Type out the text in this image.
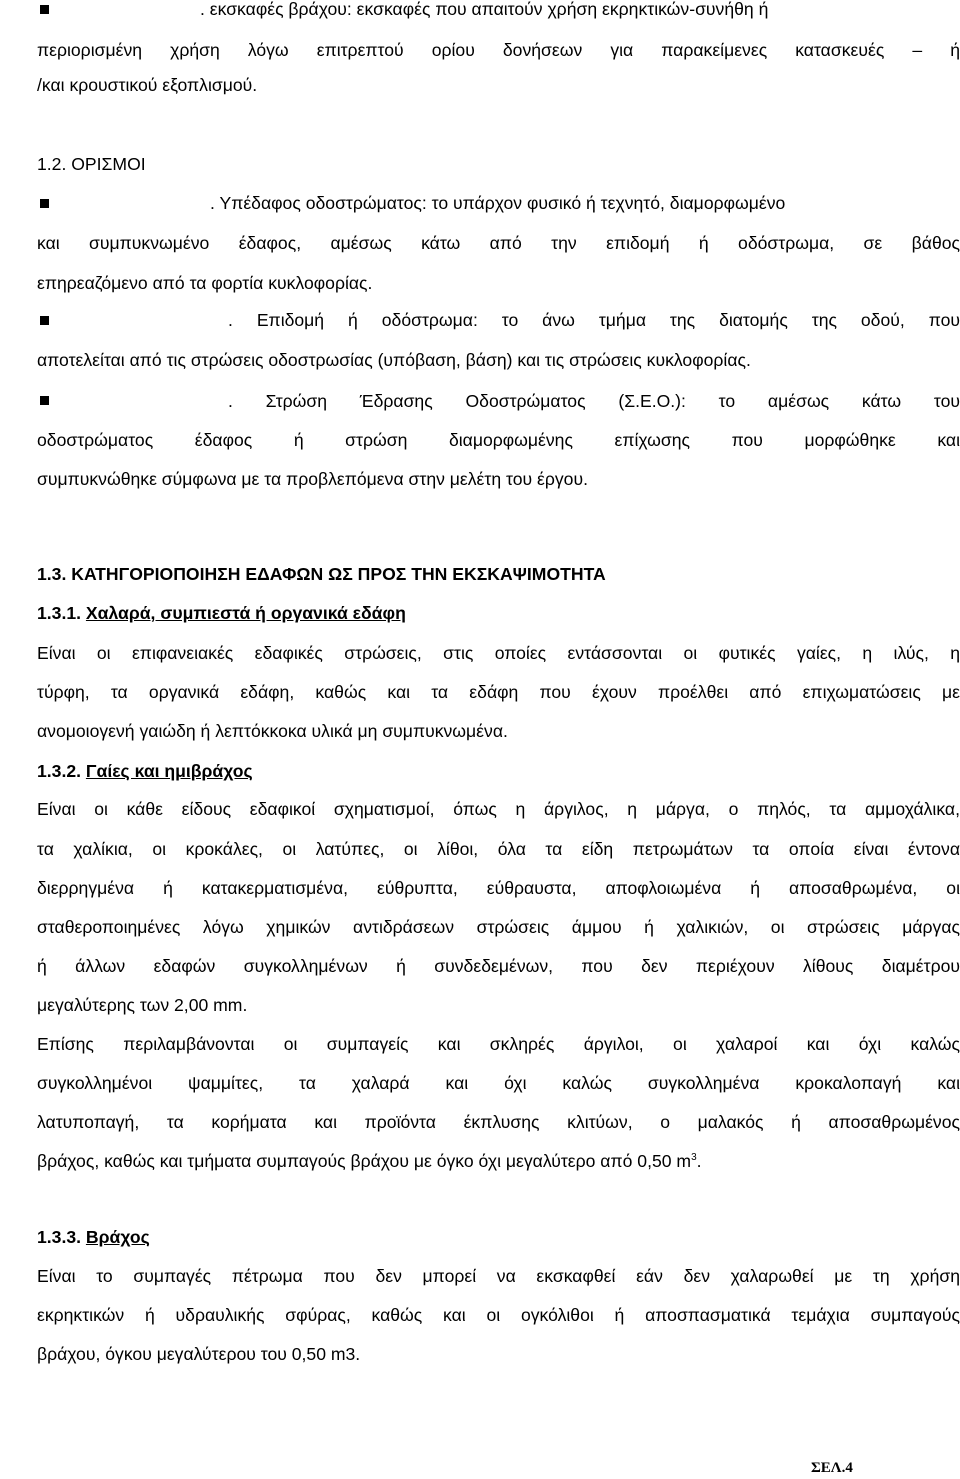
. εκσκαφές βράχου: εκσκαφές που απαιτούν χρήση εκρηκτικών-συνήθη ή
περιορισμένη χρήση λόγω επιτρεπτού ορίου δονήσεων για παρακείμενες κατασκευές – ή
/και κρουστικού εξοπλισμού.
1.2. ΟΡΙΣΜΟΙ
. Υπέδαφος οδοστρώματος: το υπάρχον φυσικό ή τεχνητό, διαμορφωμένο
και συμπυκνωμένο έδαφος, αμέσως κάτω από την επιδομή ή οδόστρωμα, σε βάθος
επηρεαζόμενο από τα φορτία κυκλοφορίας.
. Επιδομή ή οδόστρωμα: το άνω τμήμα της διατομής της οδού, που
αποτελείται από τις στρώσεις οδοστρωσίας (υπόβαση, βάση) και τις στρώσεις κυκλοφορίας.
. Στρώση Έδρασης Οδοστρώματος (Σ.Ε.Ο.): το αμέσως κάτω του
οδοστρώματος έδαφος ή στρώση διαμορφωμένης επίχωσης που μορφώθηκε και
συμπυκνώθηκε σύμφωνα με τα προβλεπόμενα στην μελέτη του έργου.
1.3. ΚΑΤΗΓΟΡΙΟΠΟΙΗΣΗ ΕΔΑΦΩΝ ΩΣ ΠΡΟΣ ΤΗΝ ΕΚΣΚΑΨΙΜΟΤΗΤΑ
1.3.1. Χαλαρά, συμπιεστά ή οργανικά εδάφη
Είναι οι επιφανειακές εδαφικές στρώσεις, στις οποίες εντάσσονται οι φυτικές γαίες, η ιλύς, η
τύρφη, τα οργανικά εδάφη, καθώς και τα εδάφη που έχουν προέλθει από επιχωματώσεις με
ανομοιογενή γαιώδη ή λεπτόκκοκα υλικά μη συμπυκνωμένα.
1.3.2. Γαίες και ημιβράχος
Είναι οι κάθε είδους εδαφικοί σχηματισμοί, όπως η άργιλος, η μάργα, ο πηλός, τα αμμοχάλικα,
τα χαλίκια, οι κροκάλες, οι λατύπες, οι λίθοι, όλα τα είδη πετρωμάτων τα οποία είναι έντονα
διερρηγμένα ή κατακερματισμένα, εύθρυπτα, εύθραυστα, αποφλοιωμένα ή αποσαθρωμένα, οι
σταθεροποιημένες λόγω χημικών αντιδράσεων στρώσεις άμμου ή χαλικιών, οι στρώσεις μάργας
ή άλλων εδαφών συγκολλημένων ή συνδεδεμένων, που δεν περιέχουν λίθους διαμέτρου
μεγαλύτερης των 2,00 mm.
Επίσης περιλαμβάνονται οι συμπαγείς και σκληρές άργιλοι, οι χαλαροί και όχι καλώς
συγκολλημένοι ψαμμίτες, τα χαλαρά και όχι καλώς συγκολλημένα κροκαλοπαγή και
λατυποπαγή, τα κορήματα και προϊόντα έκπλυσης κλιτύων, ο μαλακός ή αποσαθρωμένος
βράχος, καθώς και τμήματα συμπαγούς βράχου με όγκο όχι μεγαλύτερο από 0,50 $m^3$.
1.3.3. Βράχος
Είναι το συμπαγές πέτρωμα που δεν μπορεί να εκσκαφθεί εάν δεν χαλαρωθεί με τη χρήση
εκρηκτικών ή υδραυλικής σφύρας, καθώς και οι ογκόλιθοι ή αποσπασματικά τεμάχια συμπαγούς
βράχου, όγκου μεγαλύτερου του 0,50 m3.
ΣΕΛ.4
